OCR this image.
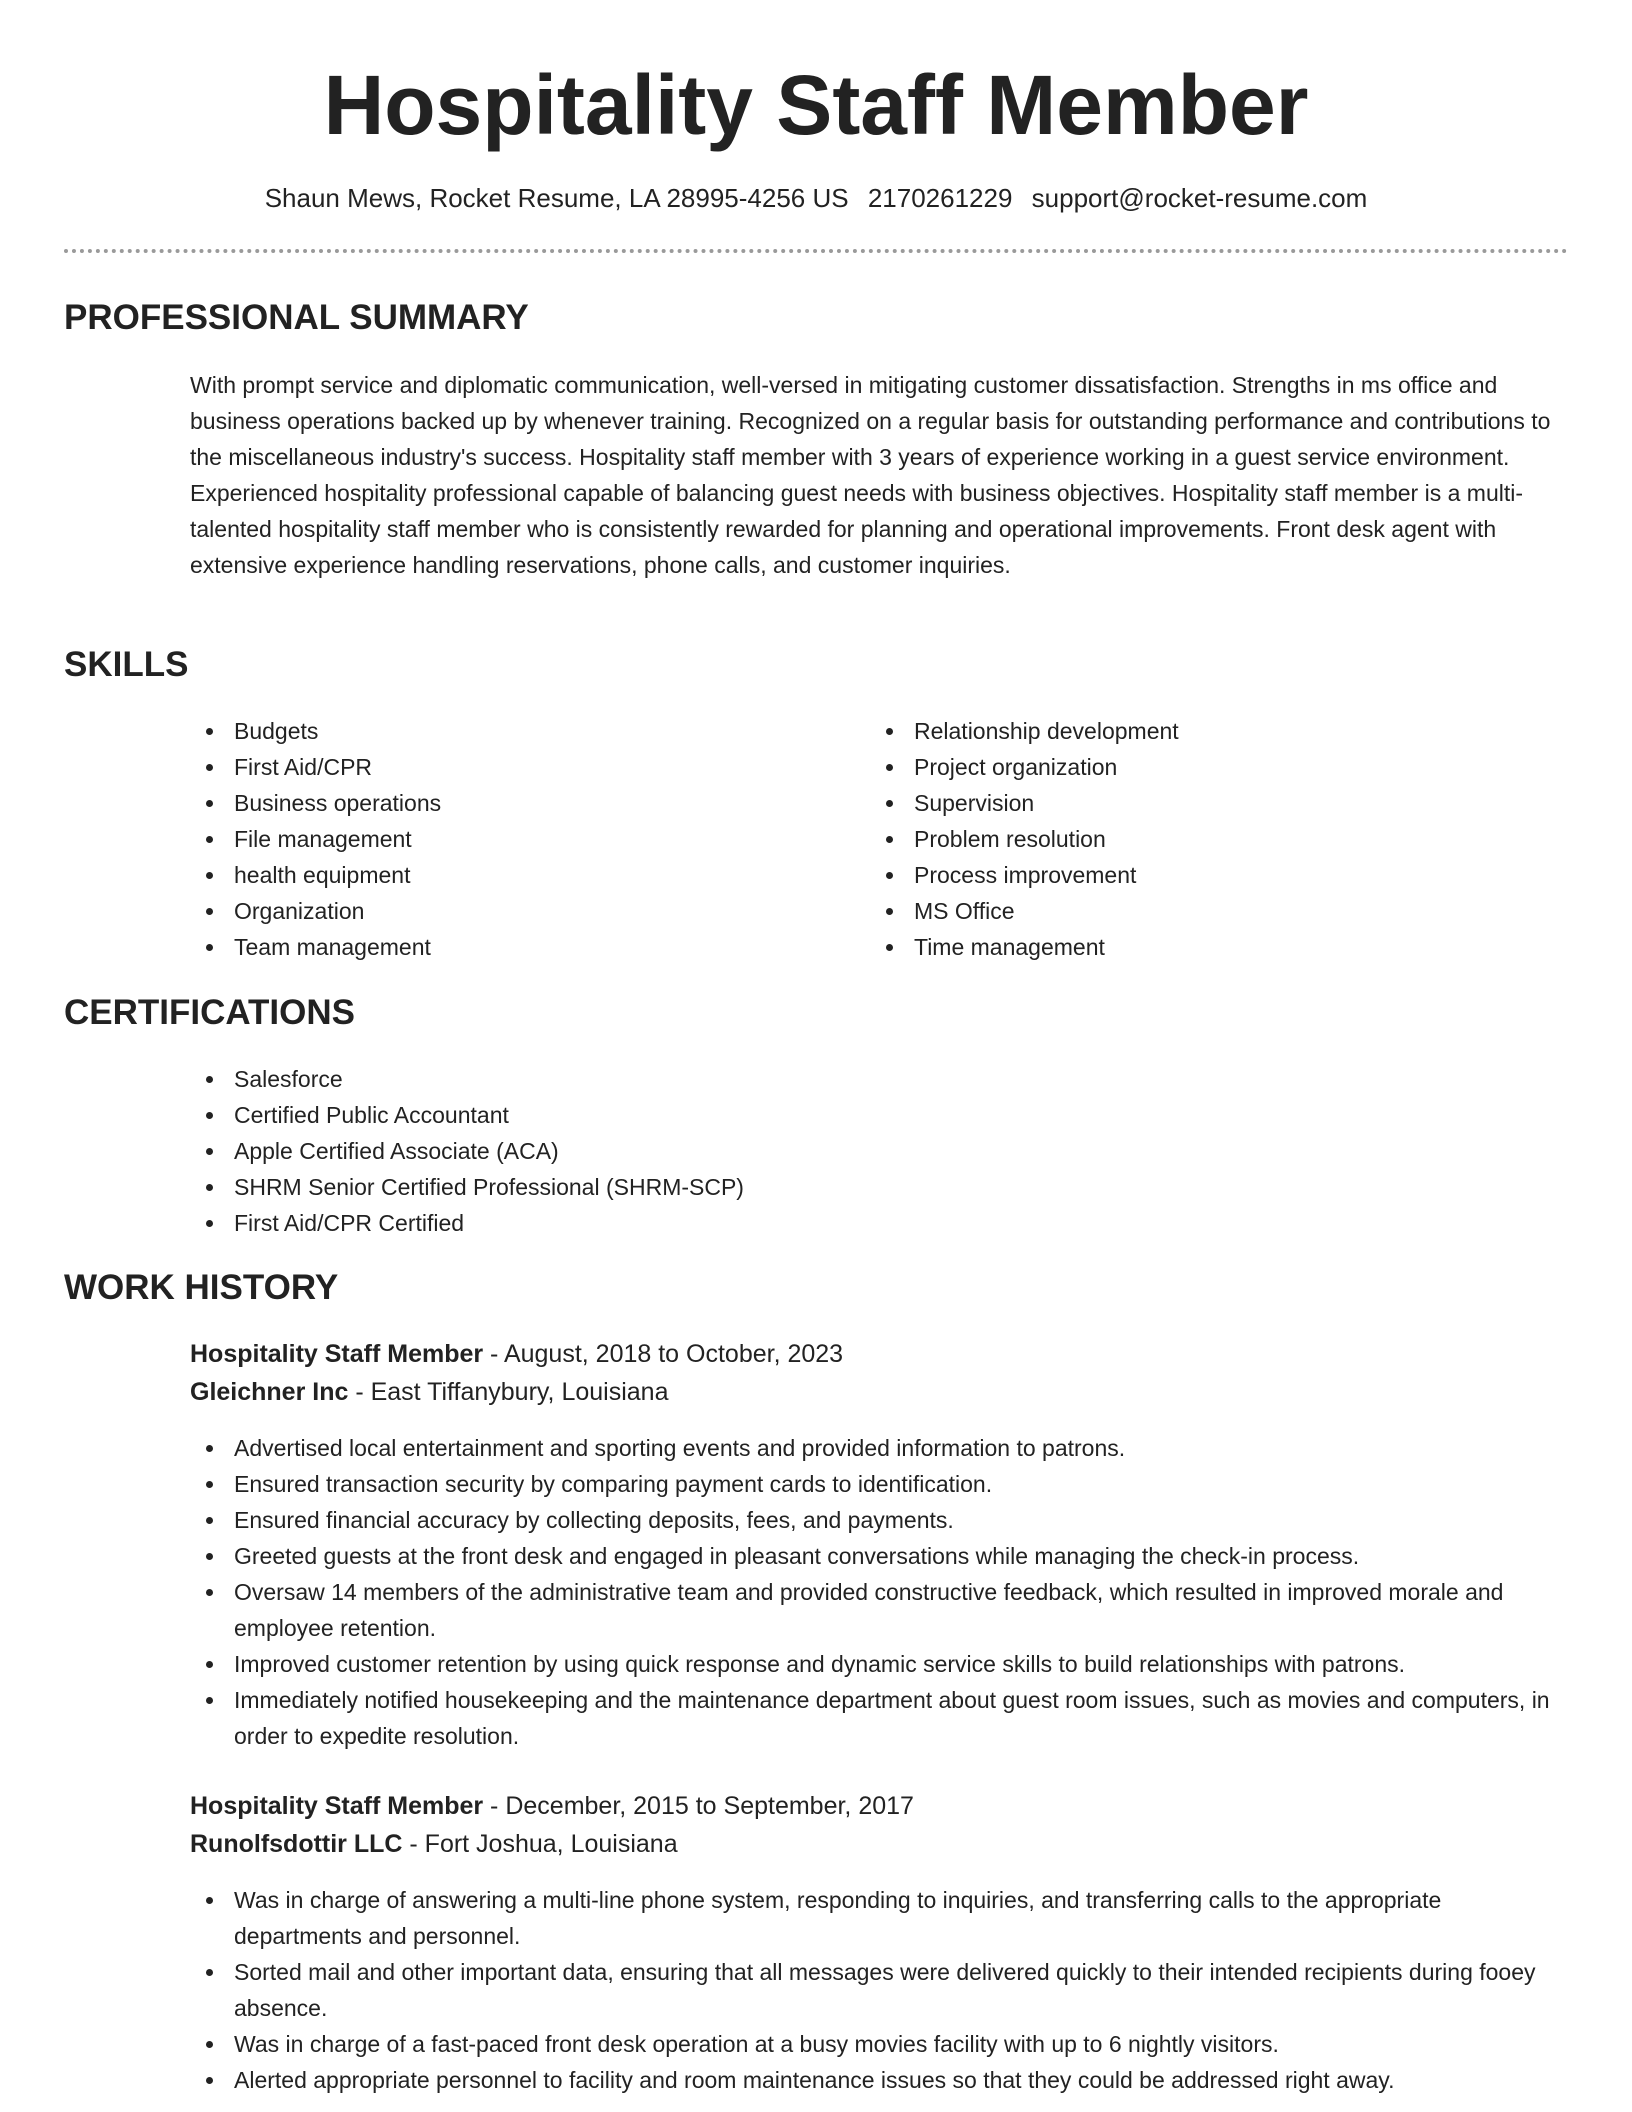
Hospitality Staff Member
Shaun Mews, Rocket Resume, LA 28995-4256 US 2170261229 support@rocket-resume.com
PROFESSIONAL SUMMARY

With prompt service and diplomatic communication, well-versed in mitigating customer dissatisfaction. Strengths in ms office and business operations backed up by whenever training. Recognized on a regular basis for outstanding performance and contributions to the miscellaneous industry's success. Hospitality staff member with 3 years of experience working in a guest service environment. Experienced hospitality professional capable of balancing guest needs with business objectives. Hospitality staff member is a multi-talented hospitality staff member who is consistently rewarded for planning and operational improvements. Front desk agent with extensive experience handling reservations, phone calls, and customer inquiries.

SKILLS
Budgets
First Aid/CPR
Business operations
File management
health equipment
Organization
Team management
Relationship development
Project organization
Supervision
Problem resolution
Process improvement
MS Office
Time management
CERTIFICATIONS
Salesforce
Certified Public Accountant
Apple Certified Associate (ACA)
SHRM Senior Certified Professional (SHRM-SCP)
First Aid/CPR Certified
WORK HISTORY
Hospitality Staff Member - August, 2018 to October, 2023
Gleichner Inc - East Tiffanybury, Louisiana
Advertised local entertainment and sporting events and provided information to patrons.
Ensured transaction security by comparing payment cards to identification.
Ensured financial accuracy by collecting deposits, fees, and payments.
Greeted guests at the front desk and engaged in pleasant conversations while managing the check-in process.
Oversaw 14 members of the administrative team and provided constructive feedback, which resulted in improved morale and employee retention.
Improved customer retention by using quick response and dynamic service skills to build relationships with patrons.
Immediately notified housekeeping and the maintenance department about guest room issues, such as movies and computers, in order to expedite resolution.
Hospitality Staff Member - December, 2015 to September, 2017
Runolfsdottir LLC - Fort Joshua, Louisiana
Was in charge of answering a multi-line phone system, responding to inquiries, and transferring calls to the appropriate departments and personnel.
Sorted mail and other important data, ensuring that all messages were delivered quickly to their intended recipients during fooey absence.
Was in charge of a fast-paced front desk operation at a busy movies facility with up to 6 nightly visitors.
Alerted appropriate personnel to facility and room maintenance issues so that they could be addressed right away.
